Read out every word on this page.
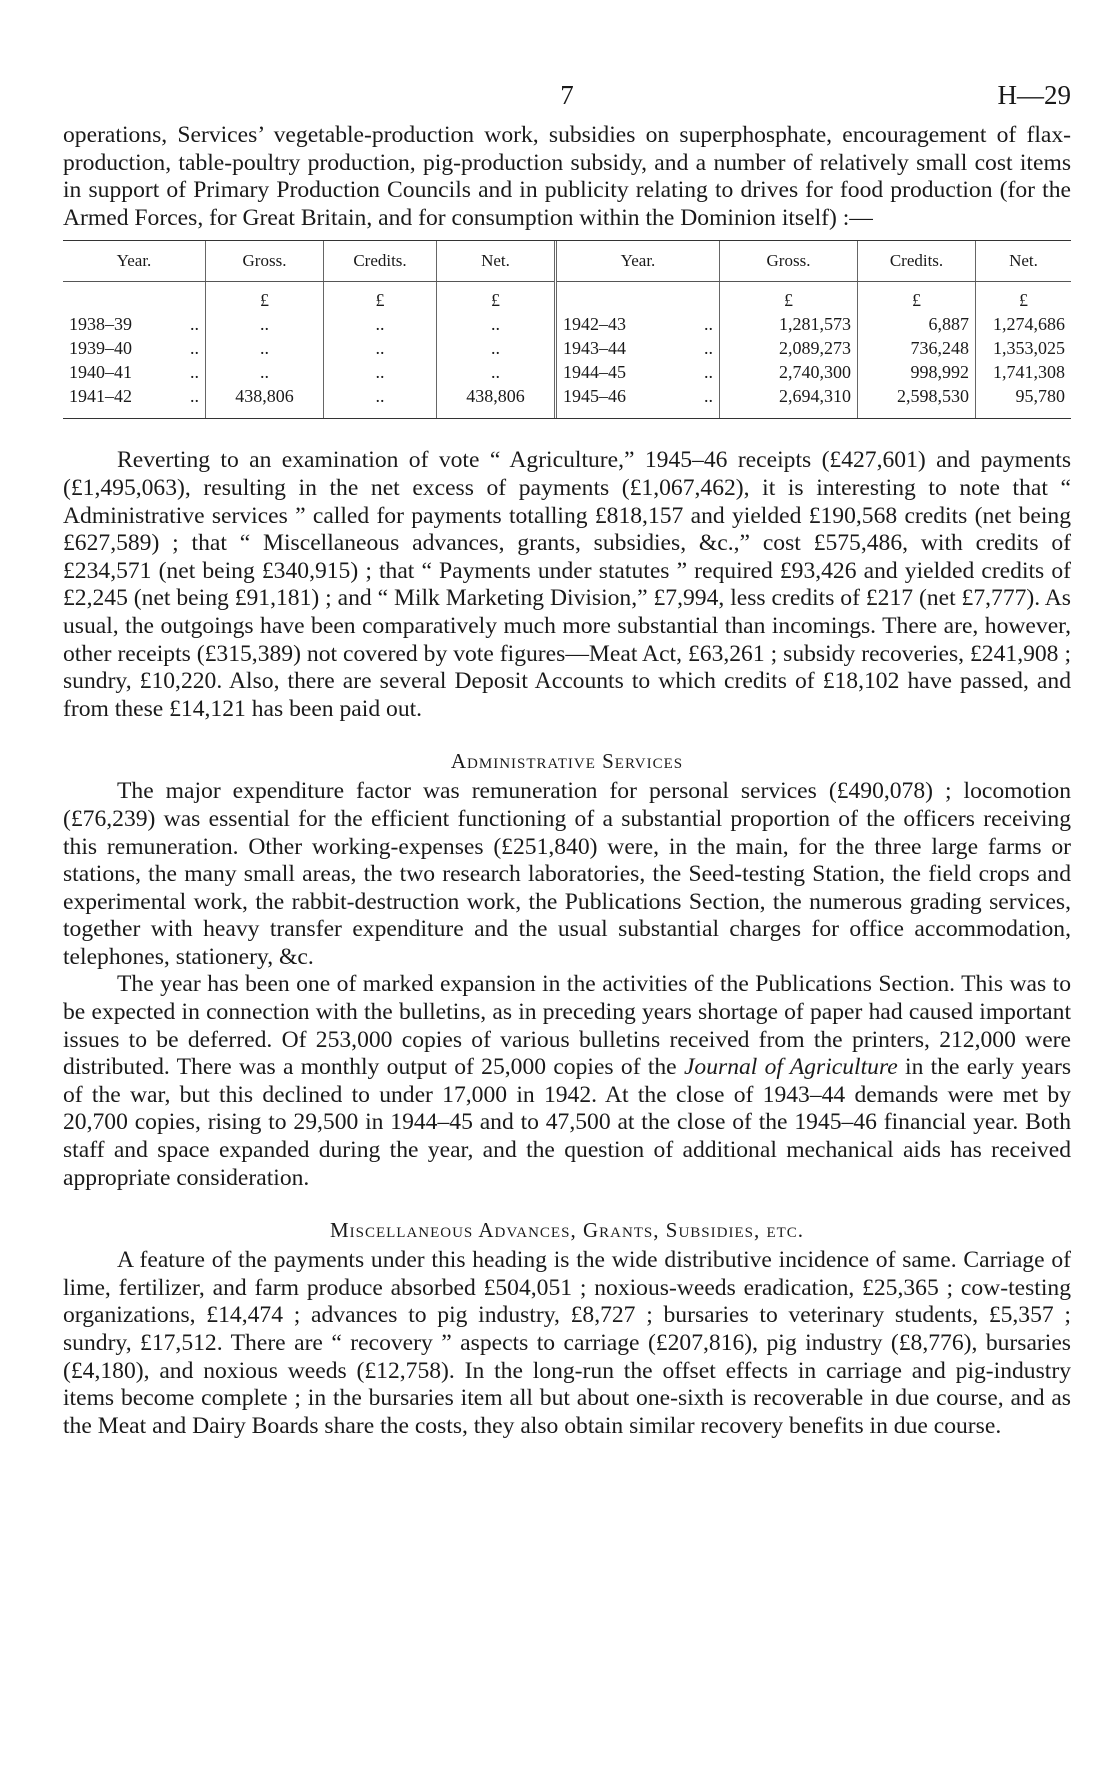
7	H—29

operations, Services’ vegetable-production work, subsidies on superphosphate, encouragement of flax-production, table-poultry production, pig-production subsidy, and a number of relatively small cost items in support of Primary Production Councils and in publicity relating to drives for food production (for the Armed Forces, for Great Britain, and for consumption within the Dominion itself) :—

Year.	Gross.	Credits.	Net.	Year.	Gross.	Credits.	Net.
	£	£	£		£	£	£
1938–39 ..	..	..	..	1942–43 ..	1,281,573	6,887	1,274,686
1939–40 ..	..	..	..	1943–44 ..	2,089,273	736,248	1,353,025
1940–41 ..	..	..	..	1944–45 ..	2,740,300	998,992	1,741,308
1941–42 ..	438,806	..	438,806	1945–46 ..	2,694,310	2,598,530	95,780

Reverting to an examination of vote “ Agriculture,” 1945–46 receipts (£427,601) and payments (£1,495,063), resulting in the net excess of payments (£1,067,462), it is interesting to note that “ Administrative services ” called for payments totalling £818,157 and yielded £190,568 credits (net being £627,589) ; that “ Miscellaneous advances, grants, subsidies, &c.,” cost £575,486, with credits of £234,571 (net being £340,915) ; that “ Payments under statutes ” required £93,426 and yielded credits of £2,245 (net being £91,181) ; and “ Milk Marketing Division,” £7,994, less credits of £217 (net £7,777). As usual, the outgoings have been comparatively much more substantial than incomings. There are, however, other receipts (£315,389) not covered by vote figures—Meat Act, £63,261 ; subsidy recoveries, £241,908 ; sundry, £10,220. Also, there are several Deposit Accounts to which credits of £18,102 have passed, and from these £14,121 has been paid out.

Administrative Services

The major expenditure factor was remuneration for personal services (£490,078) ; locomotion (£76,239) was essential for the efficient functioning of a substantial proportion of the officers receiving this remuneration. Other working-expenses (£251,840) were, in the main, for the three large farms or stations, the many small areas, the two research laboratories, the Seed-testing Station, the field crops and experimental work, the rabbit-destruction work, the Publications Section, the numerous grading services, together with heavy transfer expenditure and the usual substantial charges for office accommodation, telephones, stationery, &c.

The year has been one of marked expansion in the activities of the Publications Section. This was to be expected in connection with the bulletins, as in preceding years shortage of paper had caused important issues to be deferred. Of 253,000 copies of various bulletins received from the printers, 212,000 were distributed. There was a monthly output of 25,000 copies of the Journal of Agriculture in the early years of the war, but this declined to under 17,000 in 1942. At the close of 1943–44 demands were met by 20,700 copies, rising to 29,500 in 1944–45 and to 47,500 at the close of the 1945–46 financial year. Both staff and space expanded during the year, and the question of additional mechanical aids has received appropriate consideration.

Miscellaneous Advances, Grants, Subsidies, etc.

A feature of the payments under this heading is the wide distributive incidence of same. Carriage of lime, fertilizer, and farm produce absorbed £504,051 ; noxious-weeds eradication, £25,365 ; cow-testing organizations, £14,474 ; advances to pig industry, £8,727 ; bursaries to veterinary students, £5,357 ; sundry, £17,512. There are “ recovery ” aspects to carriage (£207,816), pig industry (£8,776), bursaries (£4,180), and noxious weeds (£12,758). In the long-run the offset effects in carriage and pig-industry items become complete ; in the bursaries item all but about one-sixth is recoverable in due course, and as the Meat and Dairy Boards share the costs, they also obtain similar recovery benefits in due course.
